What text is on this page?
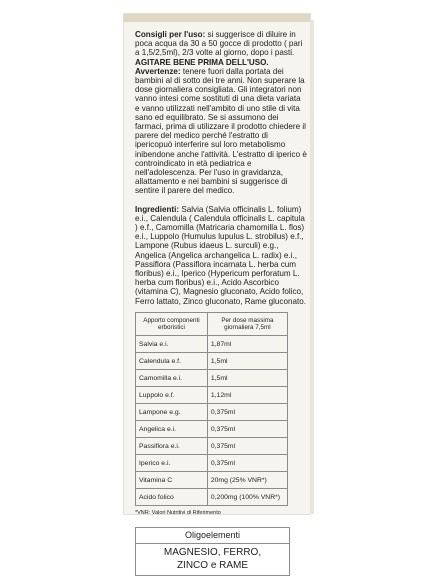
Consigli per l'uso: si suggerisce di diluire in poca acqua da 30 a 50 gocce di prodotto ( pari a 1,5/2,5ml), 2/3 volte al giorno, dopo i pasti. AGITARE BENE PRIMA DELL'USO.

Avvertenze: tenere fuori dalla portata dei bambini al di sotto dei tre anni. Non superare la dose giornaliera consigliata. Gli integratori non vanno intesi come sostituti di una dieta variata e vanno utilizzati nell'ambito di uno stile di vita sano ed equilibrato. Se si assumono dei farmaci, prima di utilizzare il prodotto chiedere il parere del medico perché l'estratto di ipericopuò interferire sul loro metabolismo inibendone anche l'attività. L'estratto di iperico è controindicato in età pediatrica e nell'adolescenza. Per l'uso in gravidanza, allattamento e nei bambini si suggerisce di sentire il parere del medico.

Ingredienti: Salvia (Salvia officinalis L. folium) e.i., Calendula ( Calendula officinalis L. capitula ) e.f., Camomilla (Matricaria chamomilla L. flos) e.i., Luppolo (Humulus lupulus L. strobilus) e.f., Lampone (Rubus idaeus L. surculi) e.g., Angelica (Angelica archangelica L. radix) e.i., Passiflora (Passiflora incarnata L. herba cum floribus) e.i., Iperico (Hypericum perforatum L. herba cum floribus) e.i., Acido Ascorbico (vitamina C), Magnesio gluconato, Acido folico, Ferro lattato, Zinco gluconato, Rame gluconato.

Apporto componenti erboristici	Per dose massima giornaliera 7,5ml
Salvia e.i.	1,87ml
Calendula e.f.	1,5ml
Camomilla e.i.	1,5ml
Luppolo e.f.	1,12ml
Lampone e.g.	0,375ml
Angelica e.i.	0,375ml
Passiflora e.i.	0,375ml
Iperico e.i.	0,375ml
Vitamina C	20mg (25% VNR*)
Acido folico	0,200mg (100% VNR*)
*VNR: Valori Nutritivi di Riferimento
Oligoelementi
MAGNESIO, FERRO,
ZINCO e RAME
